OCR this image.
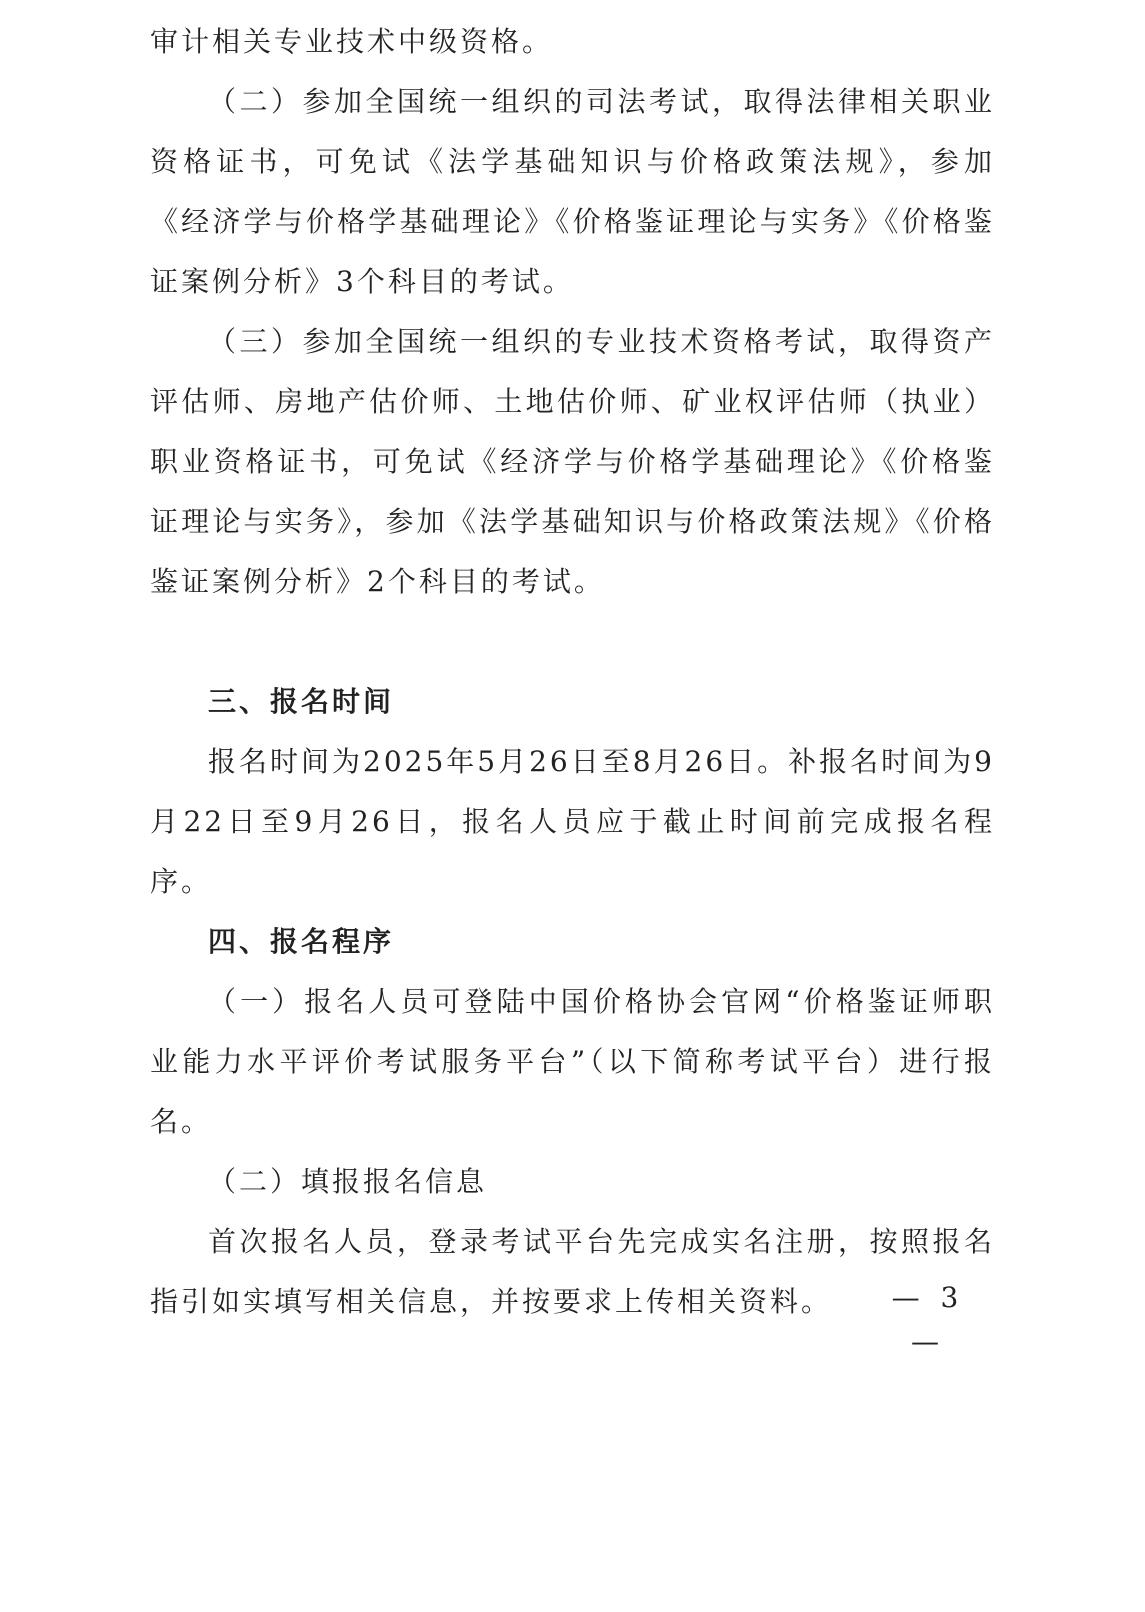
审计相关专业技术中级资格。

（二）参加全国统一组织的司法考试，取得法律相关职业资格证书，可免试《法学基础知识与价格政策法规》，参加《经济学与价格学基础理论》《价格鉴证理论与实务》《价格鉴证案例分析》3个科目的考试。

（三）参加全国统一组织的专业技术资格考试，取得资产评估师、房地产估价师、土地估价师、矿业权评估师（执业）职业资格证书，可免试《经济学与价格学基础理论》《价格鉴证理论与实务》，参加《法学基础知识与价格政策法规》《价格鉴证案例分析》2个科目的考试。

三、报名时间

报名时间为2025年5月26日至8月26日。补报名时间为9月22日至9月26日，报名人员应于截止时间前完成报名程序。

四、报名程序

（一）报名人员可登陆中国价格协会官网“价格鉴证师职业能力水平评价考试服务平台”（以下简称考试平台）进行报名。

（二）填报报名信息

首次报名人员，登录考试平台先完成实名注册，按照报名指引如实填写相关信息，并按要求上传相关资料。	— 3 —
